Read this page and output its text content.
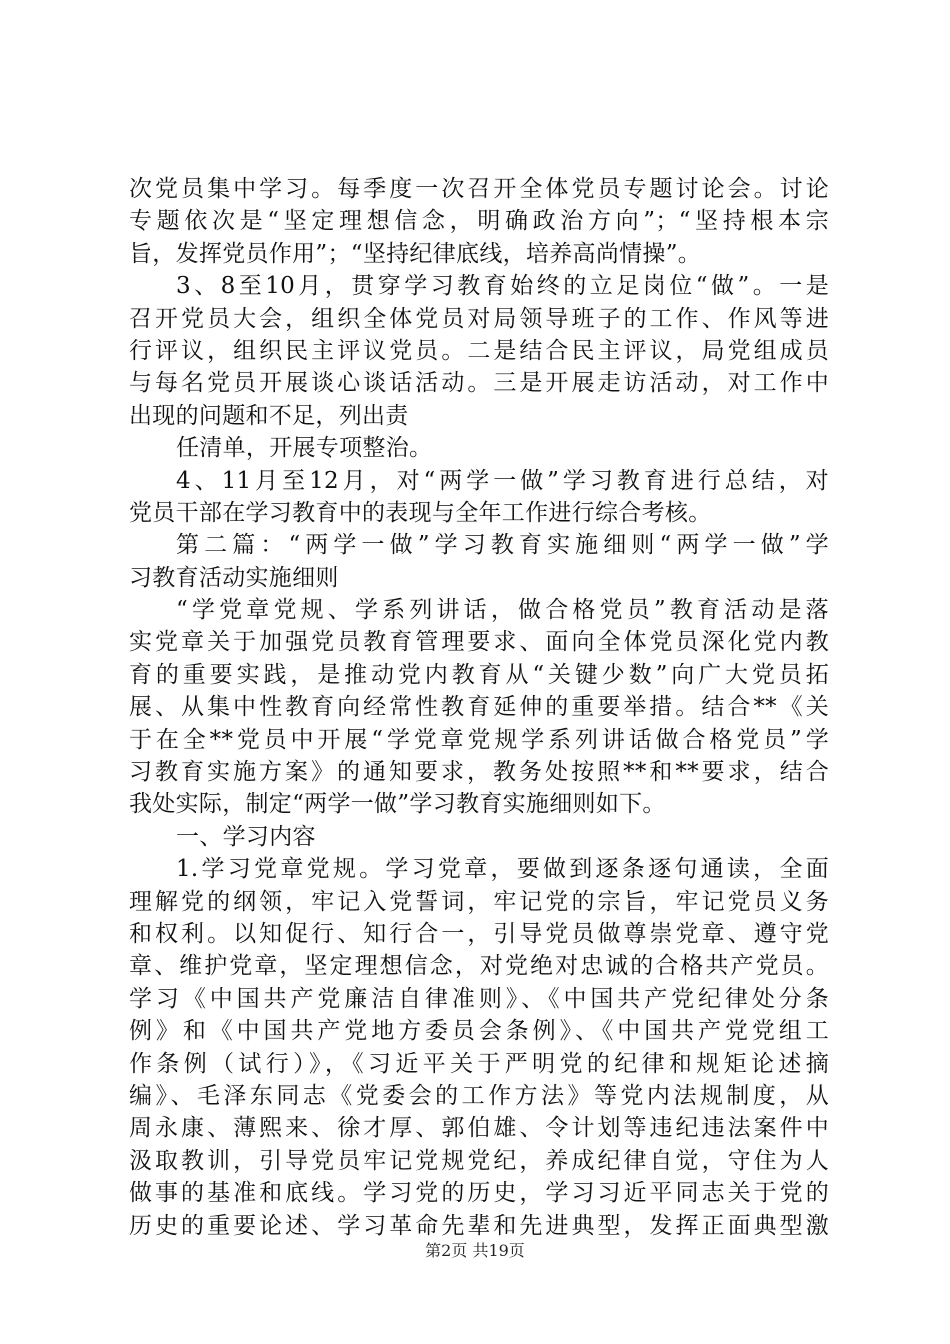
次党员集中学习。每季度一次召开全体党员专题讨论会。讨论
专题依次是“坚定理想信念，明确政治方向”；“坚持根本宗
旨，发挥党员作用”；“坚持纪律底线，培养高尚情操”。
3、8至10月，贯穿学习教育始终的立足岗位“做”。一是
召开党员大会，组织全体党员对局领导班子的工作、作风等进
行评议，组织民主评议党员。二是结合民主评议，局党组成员
与每名党员开展谈心谈话活动。三是开展走访活动，对工作中
出现的问题和不足，列出责
任清单，开展专项整治。
4、11月至12月，对“两学一做”学习教育进行总结，对
党员干部在学习教育中的表现与全年工作进行综合考核。
第二篇：“两学一做”学习教育实施细则“两学一做”学
习教育活动实施细则
“学党章党规、学系列讲话，做合格党员”教育活动是落
实党章关于加强党员教育管理要求、面向全体党员深化党内教
育的重要实践，是推动党内教育从“关键少数”向广大党员拓
展、从集中性教育向经常性教育延伸的重要举措。结合**《关
于在全**党员中开展“学党章党规学系列讲话做合格党员”学
习教育实施方案》的通知要求，教务处按照**和**要求，结合
我处实际，制定“两学一做”学习教育实施细则如下。
一、学习内容
1.学习党章党规。学习党章，要做到逐条逐句通读，全面
理解党的纲领，牢记入党誓词，牢记党的宗旨，牢记党员义务
和权利。以知促行、知行合一，引导党员做尊崇党章、遵守党
章、维护党章，坚定理想信念，对党绝对忠诚的合格共产党员。
学习《中国共产党廉洁自律准则》、《中国共产党纪律处分条
例》和《中国共产党地方委员会条例》、《中国共产党党组工
作条例（试行）》，《习近平关于严明党的纪律和规矩论述摘
编》、毛泽东同志《党委会的工作方法》等党内法规制度，从
周永康、薄熙来、徐才厚、郭伯雄、令计划等违纪违法案件中
汲取教训，引导党员牢记党规党纪，养成纪律自觉，守住为人
做事的基准和底线。学习党的历史，学习习近平同志关于党的
历史的重要论述、学习革命先辈和先进典型，发挥正面典型激
第2页 共19页
